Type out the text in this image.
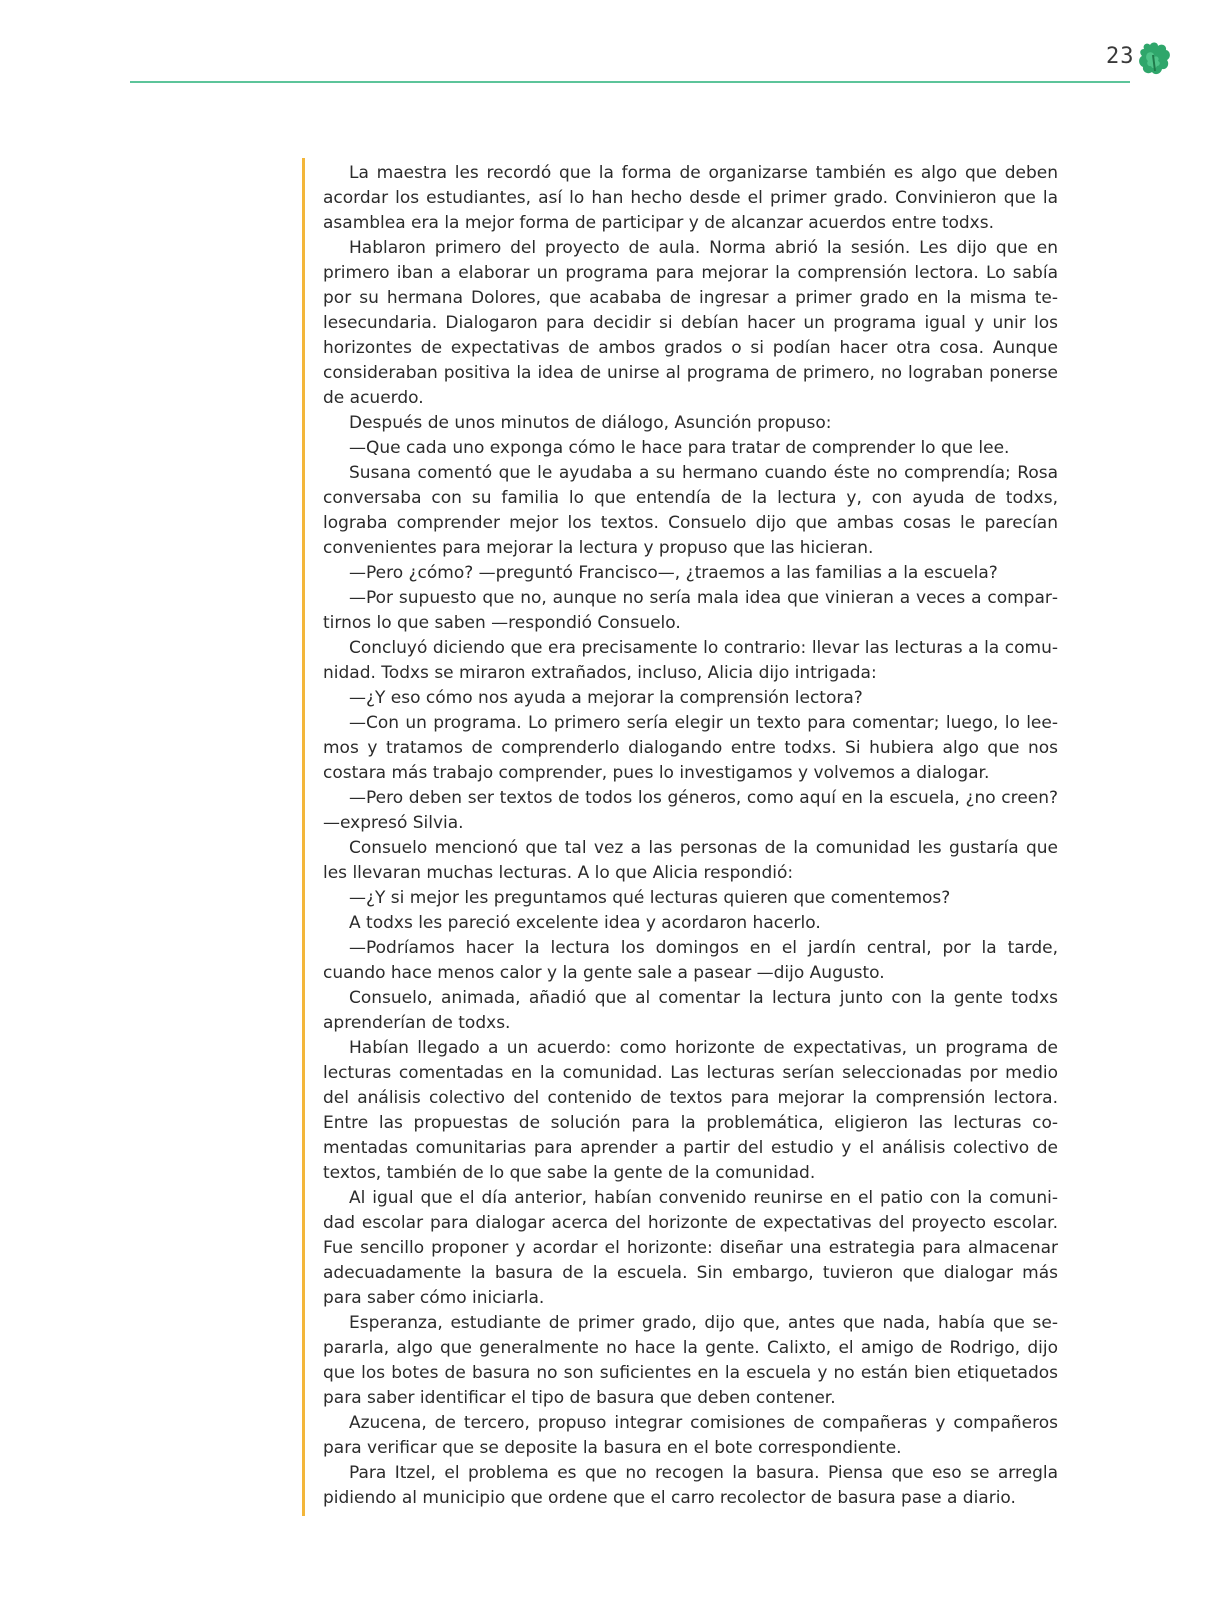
23

La maestra les recordó que la forma de organizarse también es algo que deben acordar los estudiantes, así lo han hecho desde el primer grado. Convinieron que la asamblea era la mejor forma de participar y de alcanzar acuerdos entre todxs.

Hablaron primero del proyecto de aula. Norma abrió la sesión. Les dijo que en primero iban a elaborar un programa para mejorar la comprensión lectora. Lo sabía por su hermana Dolores, que acababa de ingresar a primer grado en la misma telesecundaria. Dialogaron para decidir si debían hacer un programa igual y unir los horizontes de expectativas de ambos grados o si podían hacer otra cosa. Aunque consideraban positiva la idea de unirse al programa de primero, no lograban ponerse de acuerdo.

Después de unos minutos de diálogo, Asunción propuso:

—Que cada uno exponga cómo le hace para tratar de comprender lo que lee.

Susana comentó que le ayudaba a su hermano cuando éste no comprendía; Rosa conversaba con su familia lo que entendía de la lectura y, con ayuda de todxs, lograba comprender mejor los textos. Consuelo dijo que ambas cosas le parecían convenientes para mejorar la lectura y propuso que las hicieran.

—Pero ¿cómo? —preguntó Francisco—, ¿traemos a las familias a la escuela?

—Por supuesto que no, aunque no sería mala idea que vinieran a veces a compartirnos lo que saben —respondió Consuelo.

Concluyó diciendo que era precisamente lo contrario: llevar las lecturas a la comunidad. Todxs se miraron extrañados, incluso, Alicia dijo intrigada:

—¿Y eso cómo nos ayuda a mejorar la comprensión lectora?

—Con un programa. Lo primero sería elegir un texto para comentar; luego, lo leemos y tratamos de comprenderlo dialogando entre todxs. Si hubiera algo que nos costara más trabajo comprender, pues lo investigamos y volvemos a dialogar.

—Pero deben ser textos de todos los géneros, como aquí en la escuela, ¿no creen? —expresó Silvia.

Consuelo mencionó que tal vez a las personas de la comunidad les gustaría que les llevaran muchas lecturas. A lo que Alicia respondió:

—¿Y si mejor les preguntamos qué lecturas quieren que comentemos?

A todxs les pareció excelente idea y acordaron hacerlo.

—Podríamos hacer la lectura los domingos en el jardín central, por la tarde, cuando hace menos calor y la gente sale a pasear —dijo Augusto.

Consuelo, animada, añadió que al comentar la lectura junto con la gente todxs aprenderían de todxs.

Habían llegado a un acuerdo: como horizonte de expectativas, un programa de lecturas comentadas en la comunidad. Las lecturas serían seleccionadas por medio del análisis colectivo del contenido de textos para mejorar la comprensión lectora. Entre las propuestas de solución para la problemática, eligieron las lecturas comentadas comunitarias para aprender a partir del estudio y el análisis colectivo de textos, también de lo que sabe la gente de la comunidad.

Al igual que el día anterior, habían convenido reunirse en el patio con la comunidad escolar para dialogar acerca del horizonte de expectativas del proyecto escolar. Fue sencillo proponer y acordar el horizonte: diseñar una estrategia para almacenar adecuadamente la basura de la escuela. Sin embargo, tuvieron que dialogar más para saber cómo iniciarla.

Esperanza, estudiante de primer grado, dijo que, antes que nada, había que separarla, algo que generalmente no hace la gente. Calixto, el amigo de Rodrigo, dijo que los botes de basura no son suficientes en la escuela y no están bien etiquetados para saber identificar el tipo de basura que deben contener.

Azucena, de tercero, propuso integrar comisiones de compañeras y compañeros para verificar que se deposite la basura en el bote correspondiente.

Para Itzel, el problema es que no recogen la basura. Piensa que eso se arregla pidiendo al municipio que ordene que el carro recolector de basura pase a diario.
